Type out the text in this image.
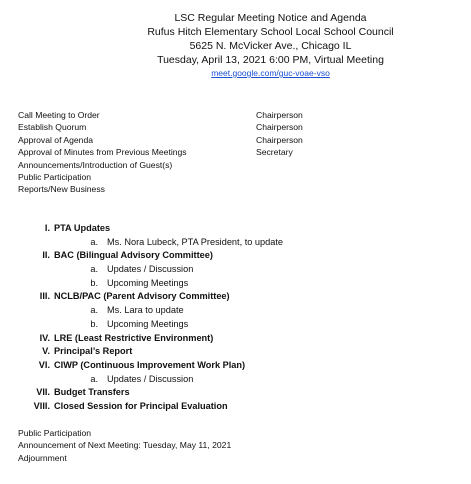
LSC Regular Meeting Notice and Agenda
Rufus Hitch Elementary School Local School Council
5625 N. McVicker Ave., Chicago IL
Tuesday, April 13, 2021 6:00 PM, Virtual Meeting
meet.google.com/guc-voae-vso
Call Meeting to Order	Chairperson
Establish Quorum	Chairperson
Approval of Agenda	Chairperson
Approval of Minutes from Previous Meetings	Secretary
Announcements/Introduction of Guest(s)
Public Participation
Reports/New Business
I. PTA Updates
a. Ms. Nora Lubeck, PTA President, to update
II. BAC (Bilingual Advisory Committee)
a. Updates / Discussion
b. Upcoming Meetings
III. NCLB/PAC (Parent Advisory Committee)
a. Ms. Lara to update
b. Upcoming Meetings
IV. LRE (Least Restrictive Environment)
V. Principal’s Report
VI. CIWP (Continuous Improvement Work Plan)
a. Updates / Discussion
VII. Budget Transfers
VIII. Closed Session for Principal Evaluation
Public Participation
Announcement of Next Meeting: Tuesday, May 11, 2021
Adjournment
